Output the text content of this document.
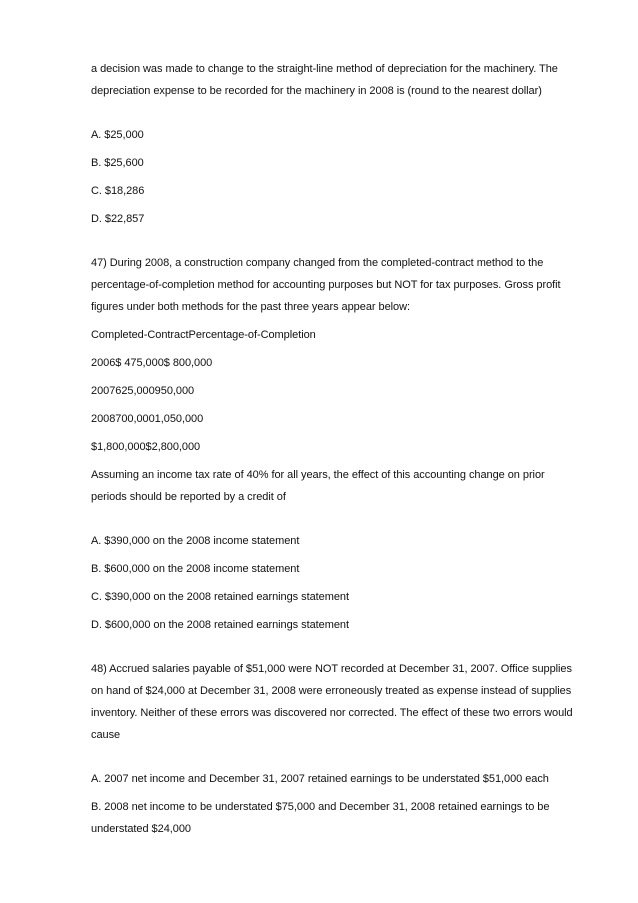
a decision was made to change to the straight-line method of depreciation for the machinery. The depreciation expense to be recorded for the machinery in 2008 is (round to the nearest dollar)

A. $25,000

B. $25,600

C. $18,286

D. $22,857

47) During 2008, a construction company changed from the completed-contract method to the percentage-of-completion method for accounting purposes but NOT for tax purposes. Gross profit figures under both methods for the past three years appear below:

Completed-ContractPercentage-of-Completion

2006$ 475,000$ 800,000

2007625,000950,000

2008700,0001,050,000

$1,800,000$2,800,000

Assuming an income tax rate of 40% for all years, the effect of this accounting change on prior periods should be reported by a credit of

A. $390,000 on the 2008 income statement

B. $600,000 on the 2008 income statement

C. $390,000 on the 2008 retained earnings statement

D. $600,000 on the 2008 retained earnings statement

48) Accrued salaries payable of $51,000 were NOT recorded at December 31, 2007. Office supplies on hand of $24,000 at December 31, 2008 were erroneously treated as expense instead of supplies inventory. Neither of these errors was discovered nor corrected. The effect of these two errors would cause

A. 2007 net income and December 31, 2007 retained earnings to be understated $51,000 each

B. 2008 net income to be understated $75,000 and December 31, 2008 retained earnings to be understated $24,000
